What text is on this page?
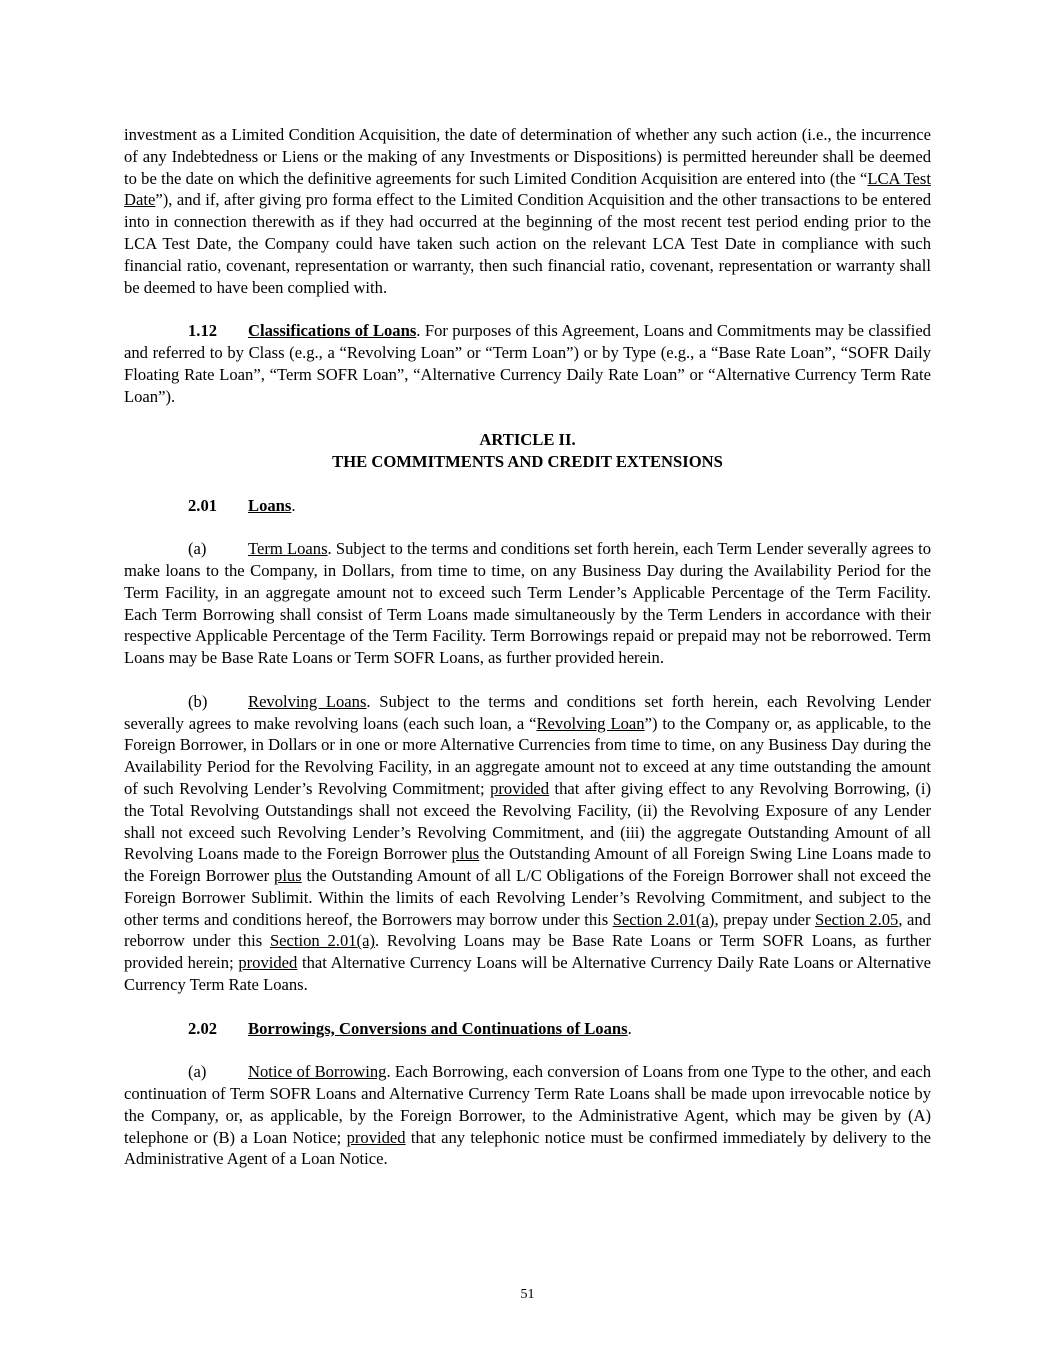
investment as a Limited Condition Acquisition, the date of determination of whether any such action (i.e., the incurrence of any Indebtedness or Liens or the making of any Investments or Dispositions) is permitted hereunder shall be deemed to be the date on which the definitive agreements for such Limited Condition Acquisition are entered into (the “LCA Test Date”), and if, after giving pro forma effect to the Limited Condition Acquisition and the other transactions to be entered into in connection therewith as if they had occurred at the beginning of the most recent test period ending prior to the LCA Test Date, the Company could have taken such action on the relevant LCA Test Date in compliance with such financial ratio, covenant, representation or warranty, then such financial ratio, covenant, representation or warranty shall be deemed to have been complied with.

1.12 Classifications of Loans. For purposes of this Agreement, Loans and Commitments may be classified and referred to by Class (e.g., a “Revolving Loan” or “Term Loan”) or by Type (e.g., a “Base Rate Loan”, “SOFR Daily Floating Rate Loan”, “Term SOFR Loan”, “Alternative Currency Daily Rate Loan” or “Alternative Currency Term Rate Loan”).

ARTICLE II.
THE COMMITMENTS AND CREDIT EXTENSIONS

2.01 Loans.

(a)	Term Loans. Subject to the terms and conditions set forth herein, each Term Lender severally agrees to make loans to the Company, in Dollars, from time to time, on any Business Day during the Availability Period for the Term Facility, in an aggregate amount not to exceed such Term Lender’s Applicable Percentage of the Term Facility. Each Term Borrowing shall consist of Term Loans made simultaneously by the Term Lenders in accordance with their respective Applicable Percentage of the Term Facility. Term Borrowings repaid or prepaid may not be reborrowed. Term Loans may be Base Rate Loans or Term SOFR Loans, as further provided herein.

(b) Revolving Loans. Subject to the terms and conditions set forth herein, each Revolving Lender severally agrees to make revolving loans (each such loan, a “Revolving Loan”) to the Company or, as applicable, to the Foreign Borrower, in Dollars or in one or more Alternative Currencies from time to time, on any Business Day during the Availability Period for the Revolving Facility, in an aggregate amount not to exceed at any time outstanding the amount of such Revolving Lender’s Revolving Commitment; provided that after giving effect to any Revolving Borrowing, (i) the Total Revolving Outstandings shall not exceed the Revolving Facility, (ii) the Revolving Exposure of any Lender shall not exceed such Revolving Lender’s Revolving Commitment, and (iii) the aggregate Outstanding Amount of all Revolving Loans made to the Foreign Borrower plus the Outstanding Amount of all Foreign Swing Line Loans made to the Foreign Borrower plus the Outstanding Amount of all L/C Obligations of the Foreign Borrower shall not exceed the Foreign Borrower Sublimit. Within the limits of each Revolving Lender’s Revolving Commitment, and subject to the other terms and conditions hereof, the Borrowers may borrow under this Section 2.01(a), prepay under Section 2.05, and reborrow under this Section 2.01(a). Revolving Loans may be Base Rate Loans or Term SOFR Loans, as further provided herein; provided that Alternative Currency Loans will be Alternative Currency Daily Rate Loans or Alternative Currency Term Rate Loans.

2.02 Borrowings, Conversions and Continuations of Loans.

(a)	Notice of Borrowing. Each Borrowing, each conversion of Loans from one Type to the other, and each continuation of Term SOFR Loans and Alternative Currency Term Rate Loans shall be made upon irrevocable notice by the Company, or, as applicable, by the Foreign Borrower, to the Administrative Agent, which may be given by (A) telephone or (B) a Loan Notice; provided that any telephonic notice must be confirmed immediately by delivery to the Administrative Agent of a Loan Notice.

51
